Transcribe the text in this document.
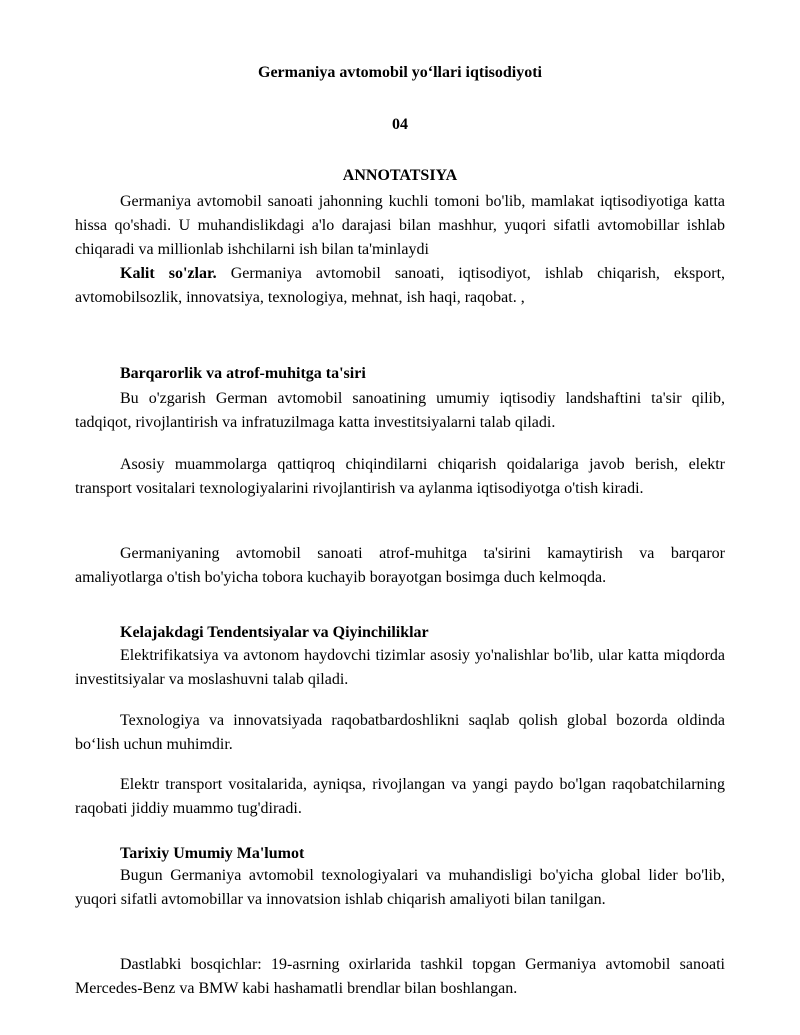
Germaniya avtomobil yo‘llari iqtisodiyoti
04
ANNOTATSIYA

Germaniya avtomobil sanoati jahonning kuchli tomoni bo'lib, mamlakat iqtisodiyotiga katta hissa qo'shadi. U muhandislikdagi a'lo darajasi bilan mashhur, yuqori sifatli avtomobillar ishlab chiqaradi va millionlab ishchilarni ish bilan ta'minlaydi

Kalit so'zlar. Germaniya avtomobil sanoati, iqtisodiyot, ishlab chiqarish, eksport, avtomobilsozlik, innovatsiya, texnologiya, mehnat, ish haqi, raqobat. ,

Barqarorlik va atrof-muhitga ta'siri

Bu o'zgarish German avtomobil sanoatining umumiy iqtisodiy landshaftini ta'sir qilib, tadqiqot, rivojlantirish va infratuzilmaga katta investitsiyalarni talab qiladi.

Asosiy muammolarga qattiqroq chiqindilarni chiqarish qoidalariga javob berish, elektr transport vositalari texnologiyalarini rivojlantirish va aylanma iqtisodiyotga o'tish kiradi.

Germaniyaning avtomobil sanoati atrof-muhitga ta'sirini kamaytirish va barqaror amaliyotlarga o'tish bo'yicha tobora kuchayib borayotgan bosimga duch kelmoqda.

Kelajakdagi Tendentsiyalar va Qiyinchiliklar

Elektrifikatsiya va avtonom haydovchi tizimlar asosiy yo'nalishlar bo'lib, ular katta miqdorda investitsiyalar va moslashuvni talab qiladi.

Texnologiya va innovatsiyada raqobatbardoshlikni saqlab qolish global bozorda oldinda bo‘lish uchun muhimdir.

Elektr transport vositalarida, ayniqsa, rivojlangan va yangi paydo bo'lgan raqobatchilarning raqobati jiddiy muammo tug'diradi.

Tarixiy Umumiy Ma'lumot

Bugun Germaniya avtomobil texnologiyalari va muhandisligi bo'yicha global lider bo'lib, yuqori sifatli avtomobillar va innovatsion ishlab chiqarish amaliyoti bilan tanilgan.

Dastlabki bosqichlar: 19-asrning oxirlarida tashkil topgan Germaniya avtomobil sanoati Mercedes-Benz va BMW kabi hashamatli brendlar bilan boshlangan.
